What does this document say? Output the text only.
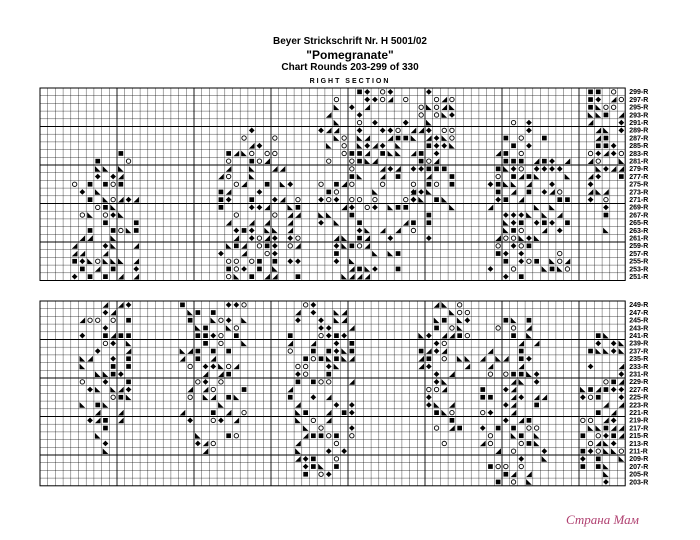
Beyer Strickschrift Nr. H 5001/02
"Pomegranate"
Chart Rounds 203-299 of 330
RIGHT SECTION
299-R
297-R
295-R
293-R
291-R
289-R
287-R
285-R
283-R
281-R
279-R
277-R
275-R
273-R
271-R
269-R
267-R
265-R
263-R
261-R
259-R
257-R
255-R
253-R
251-R
249-R
247-R
245-R
243-R
241-R
239-R
237-R
235-R
233-R
231-R
229-R
227-R
225-R
223-R
221-R
219-R
217-R
215-R
213-R
211-R
209-R
207-R
205-R
203-R
Страна Мам
